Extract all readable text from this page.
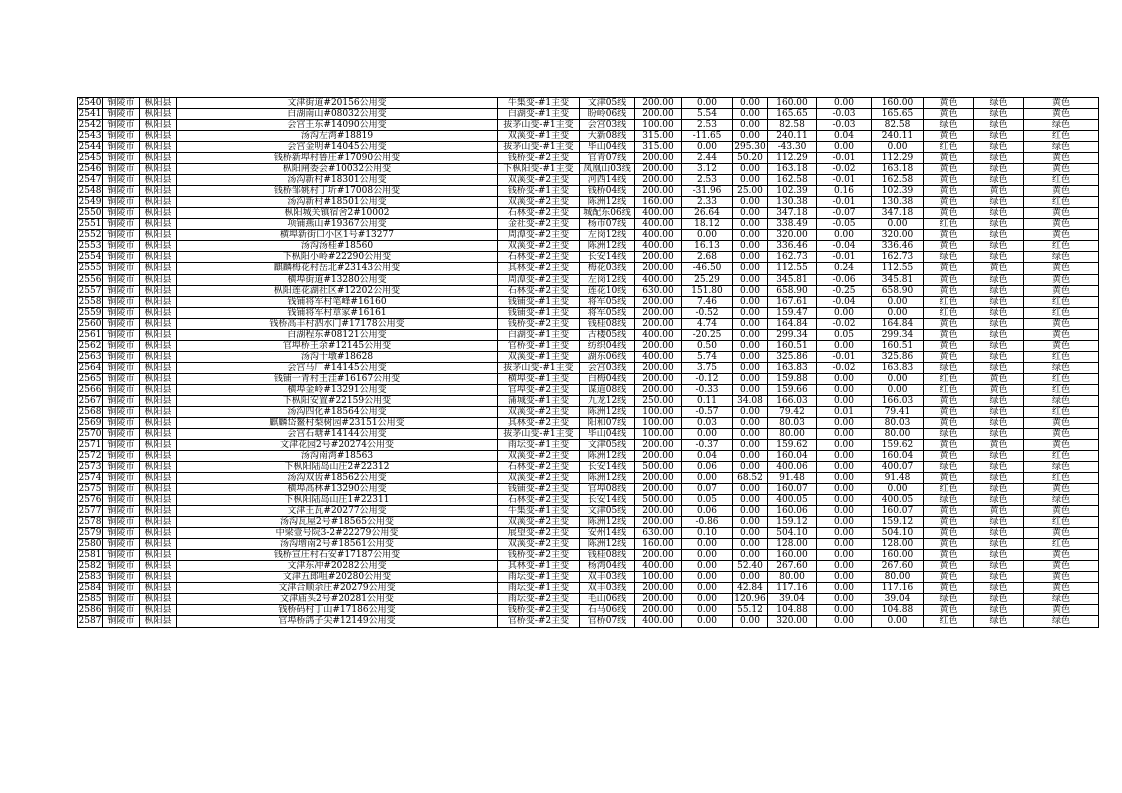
2540	铜陵市	枞阳县	文津街道#20156公用变	牛集变-#1主变	文津05线	200.00	0.00	0.00	160.00	0.00	160.00	黄色	绿色	黄色
2541	铜陵市	枞阳县	白湖南山#08032公用变	白湖变-#1主变	盼岭06线	200.00	5.54	0.00	165.65	-0.03	165.65	黄色	绿色	黄色
2542	铜陵市	枞阳县	会宫王东#14090公用变	拔茅山变-#1主变	会宫03线	100.00	2.53	0.00	82.58	-0.03	82.58	绿色	绿色	绿色
2543	铜陵市	枞阳县	汤沟左湾#18819	双溪变-#1主变	大新08线	315.00	-11.65	0.00	240.11	0.04	240.11	黄色	绿色	红色
2544	铜陵市	枞阳县	会宫金明#14045公用变	拔茅山变-#1主变	毕山04线	315.00	0.00	295.30	-43.30	0.00	0.00	红色	绿色	绿色
2545	铜陵市	枞阳县	钱桥新埠村鲁庄#17090公用变	钱桥变-#2主变	官青07线	200.00	2.44	50.20	112.29	-0.01	112.29	黄色	绿色	黄色
2546	铜陵市	枞阳县	枞阳闸委会#10032公用变	下枞阳变-#1主变	凤凰山03线	200.00	3.12	0.00	163.18	-0.02	163.18	黄色	绿色	黄色
2547	铜陵市	枞阳县	汤沟新村#18301公用变	双溪变-#2主变	河西14线	200.00	2.53	0.00	162.58	-0.01	162.58	黄色	绿色	红色
2548	铜陵市	枞阳县	钱桥邹姚村丁圻#17008公用变	钱桥变-#1主变	钱桥04线	200.00	-31.96	25.00	102.39	0.16	102.39	黄色	黄色	黄色
2549	铜陵市	枞阳县	汤沟新村#18501公用变	双溪变-#2主变	陈洲12线	160.00	2.33	0.00	130.38	-0.01	130.38	黄色	绿色	红色
2550	铜陵市	枞阳县	枞阳城关镇宿舍2#10002	石林变-#2主变	城配东06线	400.00	26.64	0.00	347.18	-0.07	347.18	黄色	绿色	黄色
2551	铜陵市	枞阳县	项铺燕山#19367公用变	金社变-#2主变	杨市07线	400.00	18.12	0.00	338.49	-0.05	0.00	红色	绿色	黄色
2552	铜陵市	枞阳县	横埠新街口小区1号#13277	周潭变-#2主变	左岗12线	400.00	0.00	0.00	320.00	0.00	320.00	黄色	绿色	黄色
2553	铜陵市	枞阳县	汤沟汤桂#18560	双溪变-#2主变	陈洲12线	400.00	16.13	0.00	336.46	-0.04	336.46	黄色	绿色	红色
2554	铜陵市	枞阳县	下枞阳小岭#22290公用变	石林变-#2主变	长安14线	200.00	2.68	0.00	162.73	-0.01	162.73	绿色	绿色	绿色
2555	铜陵市	枞阳县	麒麟梅花村岳北#23143公用变	其林变-#2主变	梅花03线	200.00	-46.50	0.00	112.55	0.24	112.55	黄色	黄色	黄色
2556	铜陵市	枞阳县	横埠街道#13280公用变	周潭变-#2主变	左岗12线	400.00	25.29	0.00	345.81	-0.06	345.81	黄色	绿色	黄色
2557	铜陵市	枞阳县	枞阳莲花湖社区#12202公用变	石林变-#2主变	莲花10线	630.00	151.80	0.00	658.90	-0.25	658.90	黄色	绿色	黄色
2558	铜陵市	枞阳县	钱铺将军村笔峰#16160	钱铺变-#1主变	将军05线	200.00	7.46	0.00	167.61	-0.04	0.00	红色	绿色	红色
2559	铜陵市	枞阳县	钱铺将军村章家#16161	钱铺变-#1主变	将军05线	200.00	-0.52	0.00	159.47	0.00	0.00	红色	绿色	红色
2560	铜陵市	枞阳县	钱桥高丰村泗水门#17178公用变	钱桥变-#2主变	钱桂08线	200.00	4.74	0.00	164.84	-0.02	164.84	黄色	绿色	黄色
2561	铜陵市	枞阳县	白湖程东#08121公用变	白湖变-#1主变	古楼05线	400.00	-20.25	0.00	299.34	0.05	299.34	黄色	绿色	黄色
2562	铜陵市	枞阳县	官埠桥王余#12145公用变	官桥变-#1主变	纺织04线	200.00	0.50	0.00	160.51	0.00	160.51	黄色	绿色	黄色
2563	铜陵市	枞阳县	汤沟十墩#18628	双溪变-#1主变	湖东06线	400.00	5.74	0.00	325.86	-0.01	325.86	黄色	绿色	红色
2564	铜陵市	枞阳县	会宫马厂#14145公用变	拔茅山变-#1主变	会宫03线	200.00	3.75	0.00	163.83	-0.02	163.83	绿色	绿色	绿色
2565	铜陵市	枞阳县	钱铺一青村王洼#16167公用变	横埠变-#1主变	白梅04线	200.00	-0.12	0.00	159.88	0.00	0.00	红色	黄色	红色
2566	铜陵市	枞阳县	横埠金岭#13291公用变	官埠变-#2主变	谋道08线	200.00	-0.33	0.00	159.66	0.00	0.00	红色	黄色	红色
2567	铜陵市	枞阳县	下枞阳安置#22159公用变	蒲城变-#1主变	九龙12线	250.00	0.11	34.08	166.03	0.00	166.03	黄色	绿色	绿色
2568	铜陵市	枞阳县	汤沟四化#18564公用变	双溪变-#2主变	陈洲12线	100.00	-0.57	0.00	79.42	0.01	79.41	黄色	绿色	红色
2569	铜陵市	枞阳县	麒麟岱鳌村梨树园#23151公用变	其林变-#2主变	阳和07线	100.00	0.03	0.00	80.03	0.00	80.03	黄色	绿色	黄色
2570	铜陵市	枞阳县	会宫石塘#14144公用变	拔茅山变-#1主变	毕山04线	100.00	0.00	0.00	80.00	0.00	80.00	绿色	绿色	黄色
2571	铜陵市	枞阳县	文津花园2号#20274公用变	雨坛变-#1主变	文津05线	200.00	-0.37	0.00	159.62	0.00	159.62	黄色	黄色	黄色
2572	铜陵市	枞阳县	汤沟南湾#18563	双溪变-#2主变	陈洲12线	200.00	0.04	0.00	160.04	0.00	160.04	黄色	绿色	红色
2573	铜陵市	枞阳县	下枞阳陆岛山庄2#22312	石林变-#2主变	长安14线	500.00	0.06	0.00	400.06	0.00	400.07	绿色	绿色	绿色
2574	铜陵市	枞阳县	汤沟双齿#18562公用变	双溪变-#2主变	陈洲12线	200.00	0.00	68.52	91.48	0.00	91.48	黄色	绿色	红色
2575	铜陵市	枞阳县	横埠高林#13290公用变	钱铺变-#2主变	官埠08线	200.00	0.07	0.00	160.07	0.00	0.00	红色	绿色	黄色
2576	铜陵市	枞阳县	下枞阳陆岛山庄1#22311	石林变-#2主变	长安14线	500.00	0.05	0.00	400.05	0.00	400.05	绿色	绿色	绿色
2577	铜陵市	枞阳县	文津王瓦#20277公用变	牛集变-#1主变	文津05线	200.00	0.06	0.00	160.06	0.00	160.07	黄色	黄色	黄色
2578	铜陵市	枞阳县	汤沟瓦屋2号#18565公用变	双溪变-#2主变	陈洲12线	200.00	-0.86	0.00	159.12	0.00	159.12	黄色	绿色	红色
2579	铜陵市	枞阳县	中梁壹号院3-2#22279公用变	展望变-#2主变	安州14线	630.00	0.10	0.00	504.10	0.00	504.10	黄色	绿色	黄色
2580	铜陵市	枞阳县	汤沟增南2号#18561公用变	双溪变-#2主变	陈洲12线	160.00	0.00	0.00	128.00	0.00	128.00	黄色	绿色	红色
2581	铜陵市	枞阳县	钱桥宣庄村石安#17187公用变	钱桥变-#2主变	钱桂08线	200.00	0.00	0.00	160.00	0.00	160.00	黄色	绿色	黄色
2582	铜陵市	枞阳县	文津东冲#20282公用变	其林变-#1主变	杨湾04线	400.00	0.00	52.40	267.60	0.00	267.60	黄色	绿色	黄色
2583	铜陵市	枞阳县	文津五郎咀#20280公用变	雨坛变-#1主变	双丰03线	100.00	0.00	0.00	80.00	0.00	80.00	黄色	绿色	黄色
2584	铜陵市	枞阳县	文津合顺余庄#20279公用变	雨坛变-#1主变	双丰03线	200.00	0.00	42.84	117.16	0.00	117.16	黄色	绿色	黄色
2585	铜陵市	枞阳县	文津庙头2号#20281公用变	雨坛变-#2主变	毛山06线	200.00	0.00	120.96	39.04	0.00	39.04	绿色	绿色	绿色
2586	铜陵市	枞阳县	钱桥码村丁山#17186公用变	钱桥变-#2主变	石马06线	200.00	0.00	55.12	104.88	0.00	104.88	黄色	绿色	黄色
2587	铜陵市	枞阳县	官埠桥鸽子尖#12149公用变	官桥变-#2主变	官桥07线	400.00	0.00	0.00	320.00	0.00	0.00	红色	绿色	绿色
